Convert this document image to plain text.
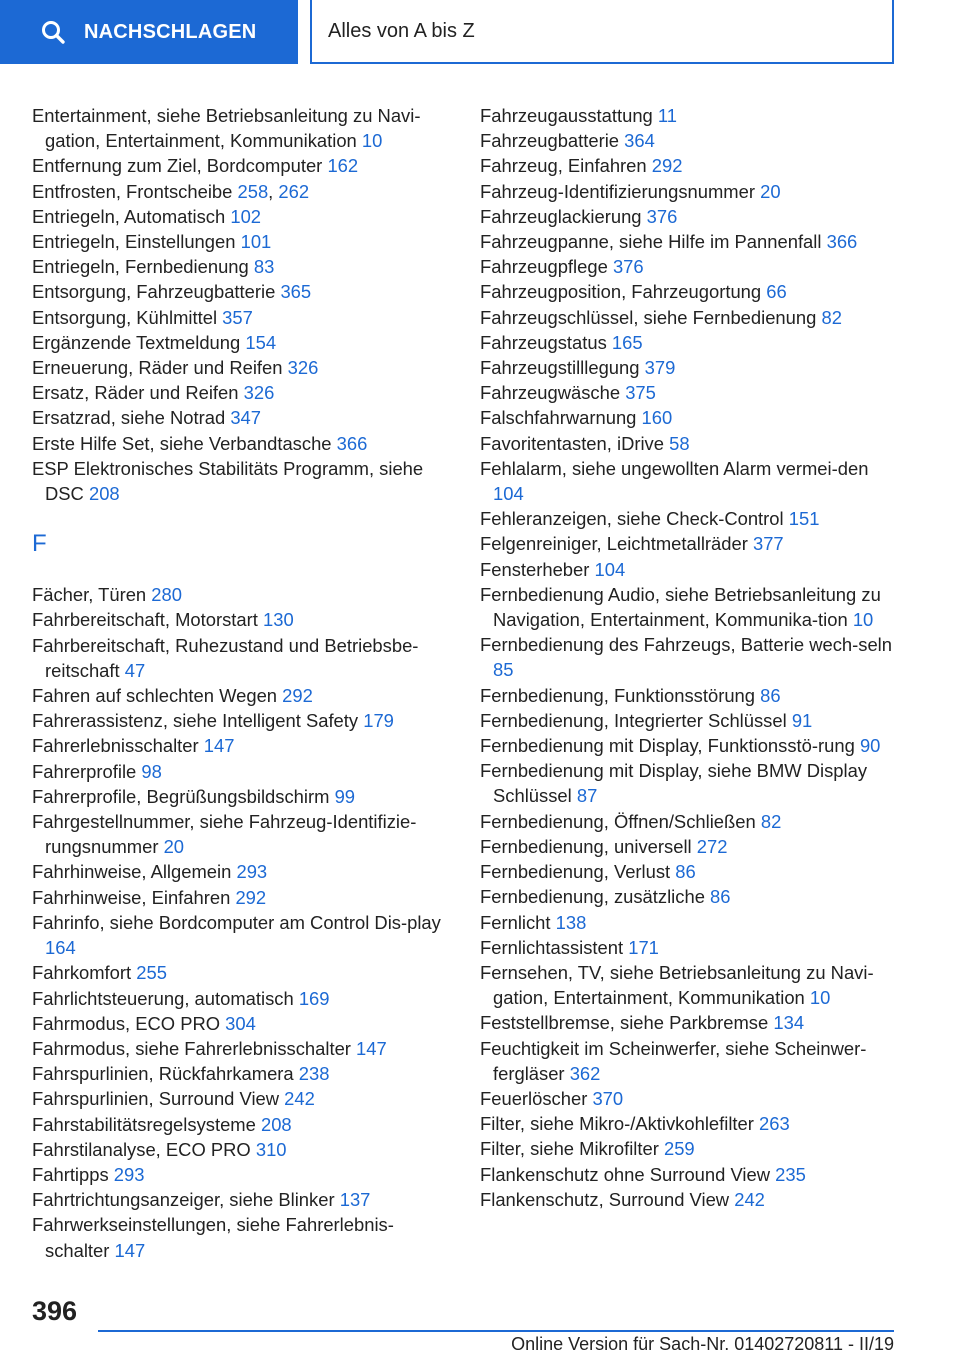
NACHSCHLAGEN	Alles von A bis Z
Entertainment, siehe Betriebsanleitung zu Navi-gation, Entertainment, Kommunikation 10
Entfernung zum Ziel, Bordcomputer 162
Entfrosten, Frontscheibe 258, 262
Entriegeln, Automatisch 102
Entriegeln, Einstellungen 101
Entriegeln, Fernbedienung 83
Entsorgung, Fahrzeugbatterie 365
Entsorgung, Kühlmittel 357
Ergänzende Textmeldung 154
Erneuerung, Räder und Reifen 326
Ersatz, Räder und Reifen 326
Ersatzrad, siehe Notrad 347
Erste Hilfe Set, siehe Verbandtasche 366
ESP Elektronisches Stabilitäts Programm, siehe DSC 208
F
Fächer, Türen 280
Fahrbereitschaft, Motorstart 130
Fahrbereitschaft, Ruhezustand und Betriebsbe-reitschaft 47
Fahren auf schlechten Wegen 292
Fahrerassistenz, siehe Intelligent Safety 179
Fahrerlebnisschalter 147
Fahrerprofile 98
Fahrerprofile, Begrüßungsbildschirm 99
Fahrgestellnummer, siehe Fahrzeug-Identifizie-rungsnummer 20
Fahrhinweise, Allgemein 293
Fahrhinweise, Einfahren 292
Fahrinfo, siehe Bordcomputer am Control Dis-play 164
Fahrkomfort 255
Fahrlichtsteuerung, automatisch 169
Fahrmodus, ECO PRO 304
Fahrmodus, siehe Fahrerlebnisschalter 147
Fahrspurlinien, Rückfahrkamera 238
Fahrspurlinien, Surround View 242
Fahrstabilitätsregelsysteme 208
Fahrstilanalyse, ECO PRO 310
Fahrtipps 293
Fahrtrichtungsanzeiger, siehe Blinker 137
Fahrwerkseinstellungen, siehe Fahrerlebnis-schalter 147
Fahrzeugausstattung 11
Fahrzeugbatterie 364
Fahrzeug, Einfahren 292
Fahrzeug-Identifizierungsnummer 20
Fahrzeuglackierung 376
Fahrzeugpanne, siehe Hilfe im Pannenfall 366
Fahrzeugpflege 376
Fahrzeugposition, Fahrzeugortung 66
Fahrzeugschlüssel, siehe Fernbedienung 82
Fahrzeugstatus 165
Fahrzeugstilllegung 379
Fahrzeugwäsche 375
Falschfahrwarnung 160
Favoritentasten, iDrive 58
Fehlalarm, siehe ungewollten Alarm vermei-den 104
Fehleranzeigen, siehe Check-Control 151
Felgenreiniger, Leichtmetallräder 377
Fensterheber 104
Fernbedienung Audio, siehe Betriebsanleitung zu Navigation, Entertainment, Kommunika-tion 10
Fernbedienung des Fahrzeugs, Batterie wech-seln 85
Fernbedienung, Funktionsstörung 86
Fernbedienung, Integrierter Schlüssel 91
Fernbedienung mit Display, Funktionsstö-rung 90
Fernbedienung mit Display, siehe BMW Display Schlüssel 87
Fernbedienung, Öffnen/Schließen 82
Fernbedienung, universell 272
Fernbedienung, Verlust 86
Fernbedienung, zusätzliche 86
Fernlicht 138
Fernlichtassistent 171
Fernsehen, TV, siehe Betriebsanleitung zu Navi-gation, Entertainment, Kommunikation 10
Feststellbremse, siehe Parkbremse 134
Feuchtigkeit im Scheinwerfer, siehe Scheinwer-fergläser 362
Feuerlöscher 370
Filter, siehe Mikro-/Aktivkohlefilter 263
Filter, siehe Mikrofilter 259
Flankenschutz ohne Surround View 235
Flankenschutz, Surround View 242
396
Online Version für Sach-Nr. 01402720811 - II/19
